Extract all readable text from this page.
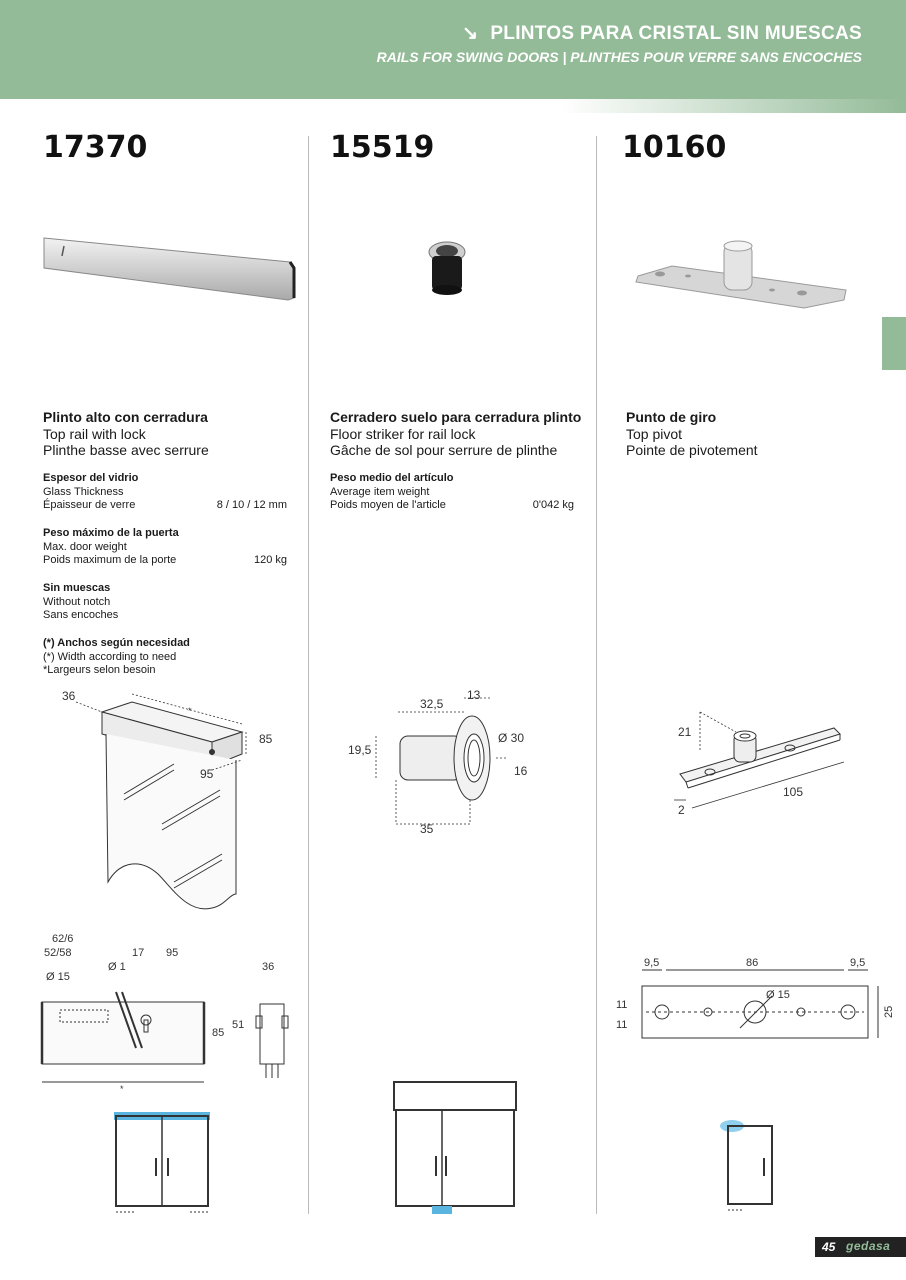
↘ PLINTOS PARA CRISTAL SIN MUESCAS
RAILS FOR SWING DOORS | PLINTHES POUR VERRE SANS ENCOCHES
17370	15519	10160
Plinto alto con cerradura
Top rail with lock
Plinthe basse avec serrure
Cerradero suelo para cerradura plinto
Floor striker for rail lock
Gâche de sol pour serrure de plinthe
Punto de giro
Top pivot
Pointe de pivotement
Espesor del vidrio
Glass Thickness
Épaisseur de verre	8 / 10 / 12 mm
Peso máximo de la puerta
Max. door weight
Poids maximum de la porte	120 kg
Sin muescas
Without notch
Sans encoches
(*) Anchos según necesidad
(*) Width according to need
*Largeurs selon besoin
Peso medio del artículo
Average item weight
Poids moyen de l'article	0'042 kg
36
*
85
95
13
32,5
19,5
Ø 30
16
35
21
105
2
62/6
52/58	17 95
Ø 1
Ø 15
85
51
36
*
9,5	86	9,5
Ø 15
11
11
25
45 gedasa
